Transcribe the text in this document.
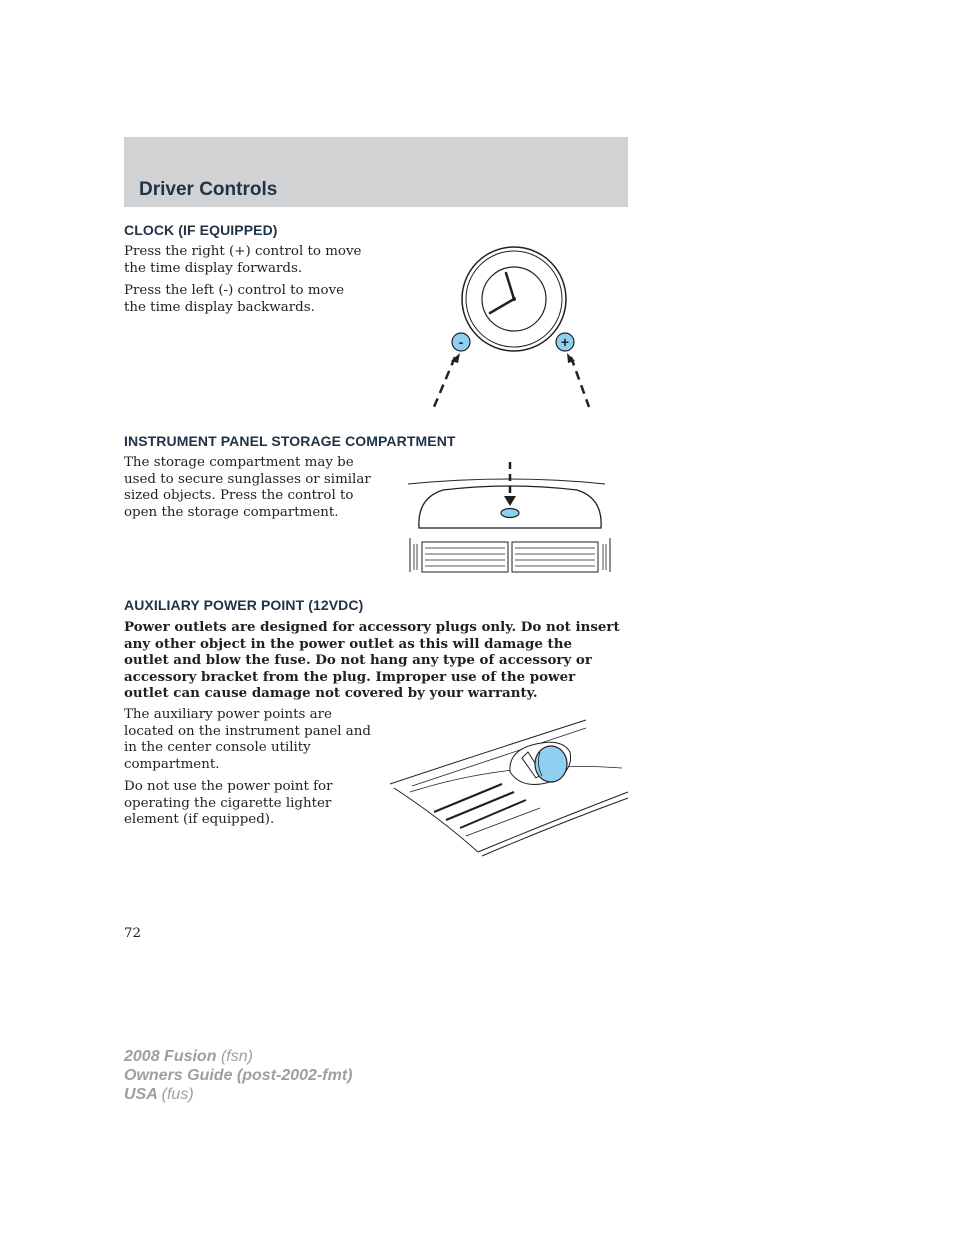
Driver Controls
CLOCK (IF EQUIPPED)
Press the right (+) control to move
the time display forwards.
Press the left (-) control to move
the time display backwards.
-	+
INSTRUMENT PANEL STORAGE COMPARTMENT
The storage compartment may be
used to secure sunglasses or similar
sized objects. Press the control to
open the storage compartment.
AUXILIARY POWER POINT (12VDC)
Power outlets are designed for accessory plugs only. Do not insert
any other object in the power outlet as this will damage the
outlet and blow the fuse. Do not hang any type of accessory or
accessory bracket from the plug. Improper use of the power
outlet can cause damage not covered by your warranty.
The auxiliary power points are
located on the instrument panel and
in the center console utility
compartment.
Do not use the power point for
operating the cigarette lighter
element (if equipped).
72
2008 Fusion (fsn)
Owners Guide (post-2002-fmt)
USA (fus)
